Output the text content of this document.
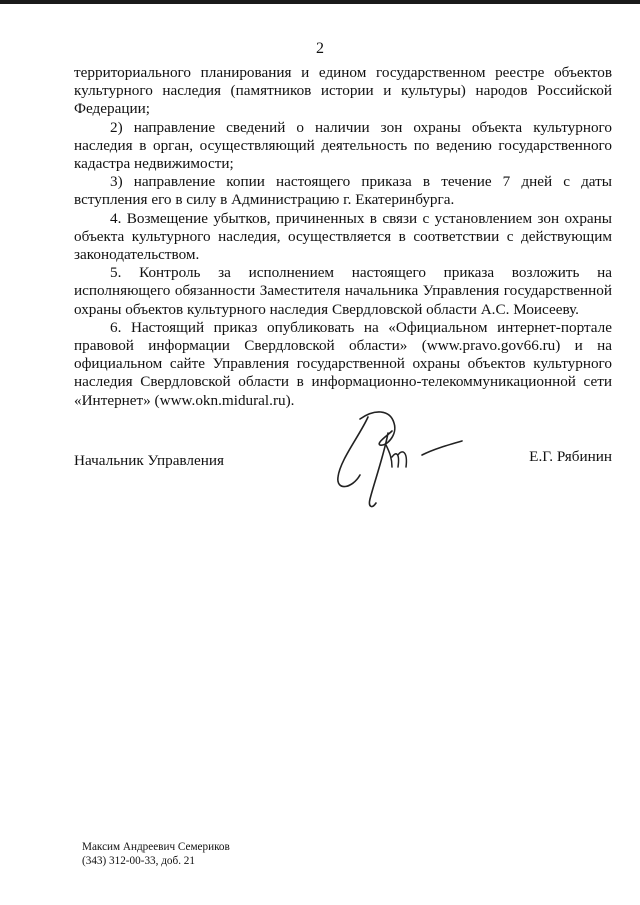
2

территориального планирования и едином государственном реестре объектов культурного наследия (памятников истории и культуры) народов Российской Федерации;

2) направление сведений о наличии зон охраны объекта культурного наследия в орган, осуществляющий деятельность по ведению государственного кадастра недвижимости;

3) направление копии настоящего приказа в течение 7 дней с даты вступления его в силу в Администрацию г. Екатеринбурга.

4. Возмещение убытков, причиненных в связи с установлением зон охраны объекта культурного наследия, осуществляется в соответствии с действующим законодательством.

5. Контроль за исполнением настоящего приказа возложить на исполняющего обязанности Заместителя начальника Управления государственной охраны объектов культурного наследия Свердловской области А.С. Моисееву.

6. Настоящий приказ опубликовать на «Официальном интернет-портале правовой информации Свердловской области» (www.pravo.gov66.ru) и на официальном сайте Управления государственной охраны объектов культурного наследия Свердловской области в информационно-телекоммуникационной сети «Интернет» (www.okn.midural.ru).

Начальник Управления	Е.Г. Рябинин
Максим Андреевич Семериков
(343) 312-00-33, доб. 21
